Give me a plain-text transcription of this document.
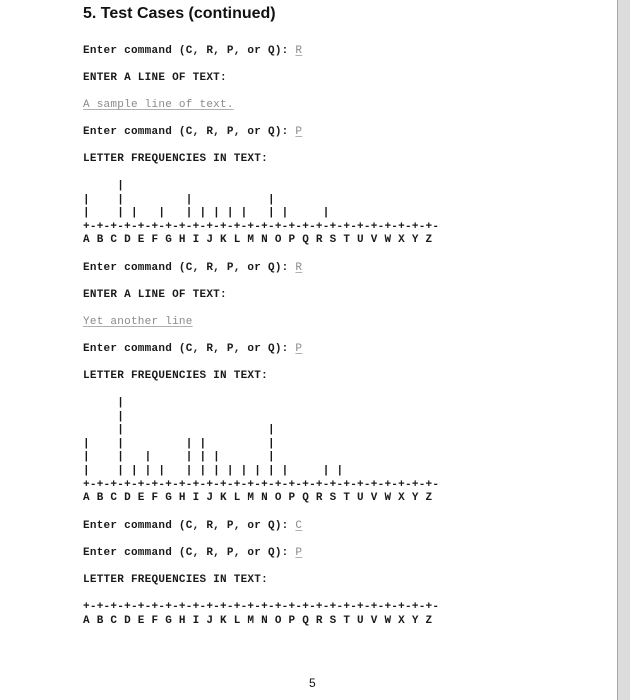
5. Test Cases (continued)
Enter command (C, R, P, or Q): R
ENTER A LINE OF TEXT:
A sample line of text.
Enter command (C, R, P, or Q): P
LETTER FREQUENCIES IN TEXT:
|
|    |         |           |
|    | |   |   | | | | |   | |     |
+-+-+-+-+-+-+-+-+-+-+-+-+-+-+-+-+-+-+-+-+-+-+-+-+-+-
A B C D E F G H I J K L M N O P Q R S T U V W X Y Z
Enter command (C, R, P, or Q): R
ENTER A LINE OF TEXT:
Yet another line
Enter command (C, R, P, or Q): P
LETTER FREQUENCIES IN TEXT:
|
|
|                     |
|    |         | |         |
|    |   |     | | |       |
|    | | | |   | | | | | | | |     | |
+-+-+-+-+-+-+-+-+-+-+-+-+-+-+-+-+-+-+-+-+-+-+-+-+-+-
A B C D E F G H I J K L M N O P Q R S T U V W X Y Z
Enter command (C, R, P, or Q): C
Enter command (C, R, P, or Q): P
LETTER FREQUENCIES IN TEXT:
+-+-+-+-+-+-+-+-+-+-+-+-+-+-+-+-+-+-+-+-+-+-+-+-+-+-
A B C D E F G H I J K L M N O P Q R S T U V W X Y Z
5
